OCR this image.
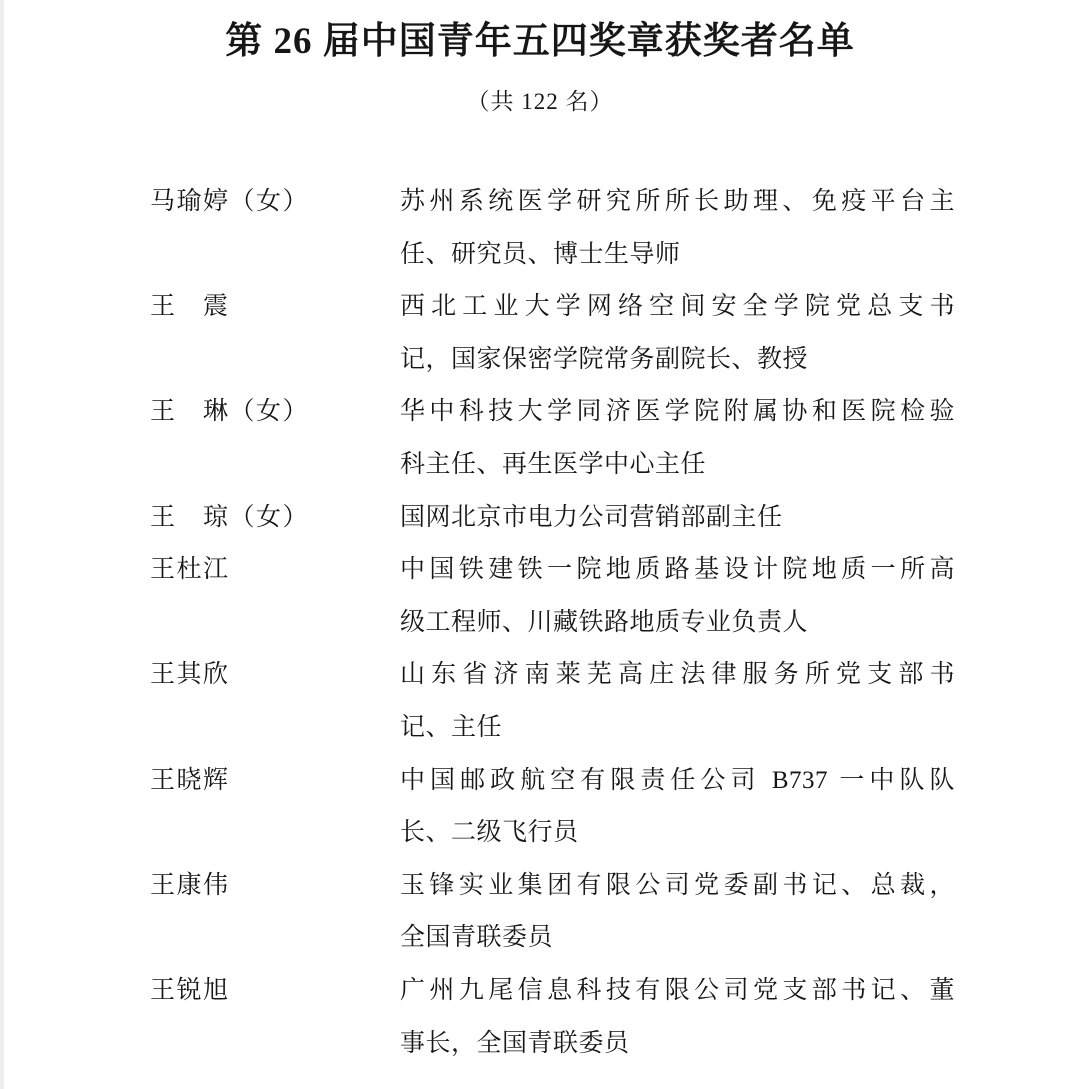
第 26 届中国青年五四奖章获奖者名单
（共 122 名）
马瑜婷（女）	苏州系统医学研究所所长助理、免疫平台主
任、研究员、博士生导师
王　震	西北工业大学网络空间安全学院党总支书
记，国家保密学院常务副院长、教授
王　琳（女）	华中科技大学同济医学院附属协和医院检验
科主任、再生医学中心主任
王　琼（女）	国网北京市电力公司营销部副主任
王杜江	中国铁建铁一院地质路基设计院地质一所高
级工程师、川藏铁路地质专业负责人
王其欣	山东省济南莱芜高庄法律服务所党支部书
记、主任
王晓辉	中国邮政航空有限责任公司 B737 一中队队
长、二级飞行员
王康伟	玉锋实业集团有限公司党委副书记、总裁，
全国青联委员
王锐旭	广州九尾信息科技有限公司党支部书记、董
事长，全国青联委员
